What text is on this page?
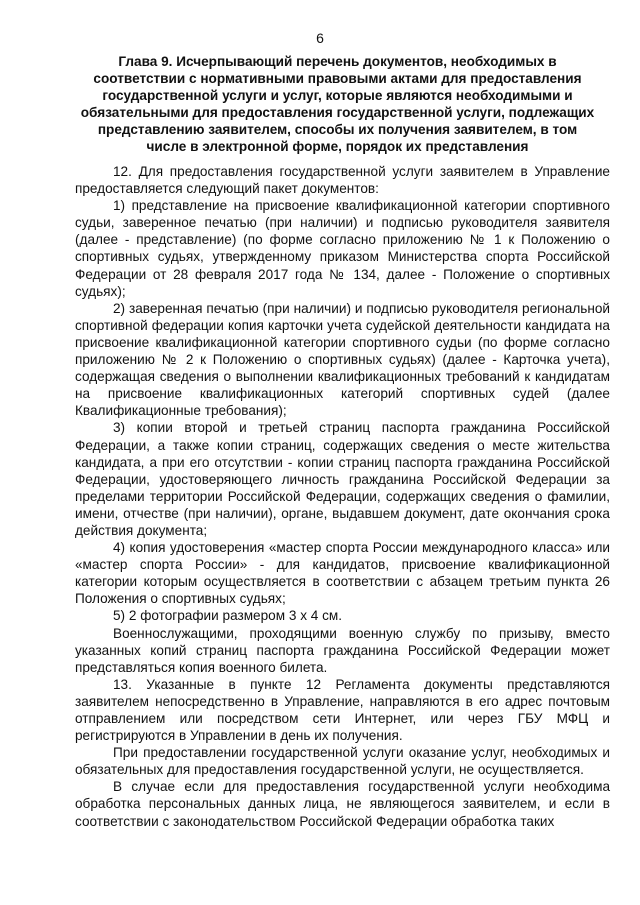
6
Глава 9. Исчерпывающий перечень документов, необходимых в соответствии с нормативными правовыми актами для предоставления государственной услуги и услуг, которые являются необходимыми и обязательными для предоставления государственной услуги, подлежащих представлению заявителем, способы их получения заявителем, в том числе в электронной форме, порядок их представления

12. Для предоставления государственной услуги заявителем в Управление предоставляется следующий пакет документов:

1) представление на присвоение квалификационной категории спортивного судьи, заверенное печатью (при наличии) и подписью руководителя заявителя (далее - представление) (по форме согласно приложению № 1 к Положению о спортивных судьях, утвержденному приказом Министерства спорта Российской Федерации от 28 февраля 2017 года № 134, далее - Положение о спортивных судьях);

2) заверенная печатью (при наличии) и подписью руководителя региональной спортивной федерации копия карточки учета судейской деятельности кандидата на присвоение квалификационной категории спортивного судьи (по форме согласно приложению № 2 к Положению о спортивных судьях) (далее - Карточка учета), содержащая сведения о выполнении квалификационных требований к кандидатам на присвоение квалификационных категорий спортивных судей (далее Квалификационные требования);

3) копии второй и третьей страниц паспорта гражданина Российской Федерации, а также копии страниц, содержащих сведения о месте жительства кандидата, а при его отсутствии - копии страниц паспорта гражданина Российской Федерации, удостоверяющего личность гражданина Российской Федерации за пределами территории Российской Федерации, содержащих сведения о фамилии, имени, отчестве (при наличии), органе, выдавшем документ, дате окончания срока действия документа;

4) копия удостоверения «мастер спорта России международного класса» или «мастер спорта России» - для кандидатов, присвоение квалификационной категории которым осуществляется в соответствии с абзацем третьим пункта 26 Положения о спортивных судьях;

5) 2 фотографии размером 3 х 4 см.

Военнослужащими, проходящими военную службу по призыву, вместо указанных копий страниц паспорта гражданина Российской Федерации может представляться копия военного билета.

13. Указанные в пункте 12 Регламента документы представляются заявителем непосредственно в Управление, направляются в его адрес почтовым отправлением или посредством сети Интернет, или через ГБУ МФЦ и регистрируются в Управлении в день их получения.

При предоставлении государственной услуги оказание услуг, необходимых и обязательных для предоставления государственной услуги, не осуществляется.

В случае если для предоставления государственной услуги необходима обработка персональных данных лица, не являющегося заявителем, и если в соответствии с законодательством Российской Федерации обработка таких
